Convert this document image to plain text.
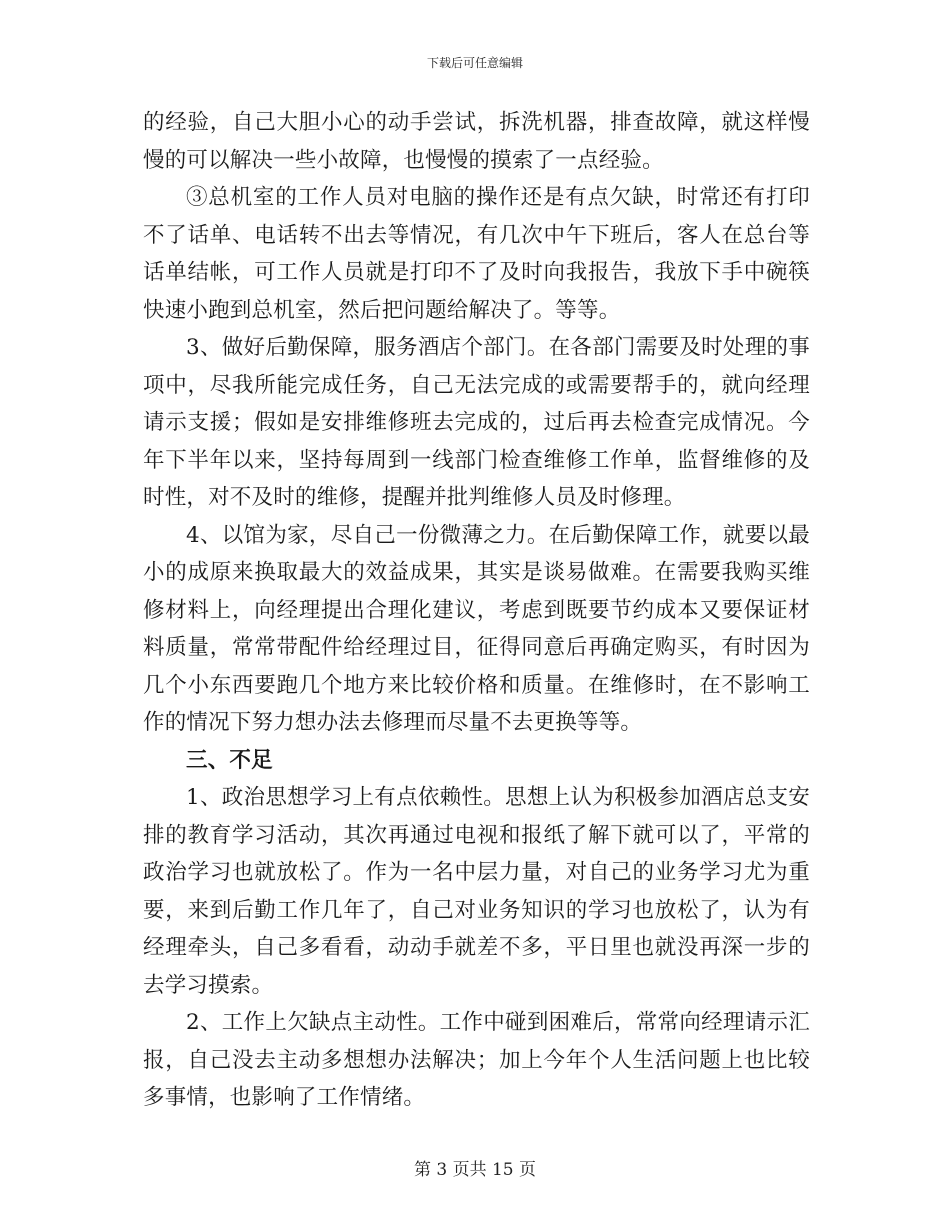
下载后可任意编辑

的经验，自己大胆小心的动手尝试，拆洗机器，排查故障，就这样慢慢的可以解决一些小故障，也慢慢的摸索了一点经验。

③总机室的工作人员对电脑的操作还是有点欠缺，时常还有打印不了话单、电话转不出去等情况，有几次中午下班后，客人在总台等话单结帐，可工作人员就是打印不了及时向我报告，我放下手中碗筷快速小跑到总机室，然后把问题给解决了。等等。

3、做好后勤保障，服务酒店个部门。在各部门需要及时处理的事项中，尽我所能完成任务，自己无法完成的或需要帮手的，就向经理请示支援；假如是安排维修班去完成的，过后再去检查完成情况。今年下半年以来，坚持每周到一线部门检查维修工作单，监督维修的及时性，对不及时的维修，提醒并批判维修人员及时修理。

4、以馆为家，尽自己一份微薄之力。在后勤保障工作，就要以最小的成原来换取最大的效益成果，其实是谈易做难。在需要我购买维修材料上，向经理提出合理化建议，考虑到既要节约成本又要保证材料质量，常常带配件给经理过目，征得同意后再确定购买，有时因为几个小东西要跑几个地方来比较价格和质量。在维修时，在不影响工作的情况下努力想办法去修理而尽量不去更换等等。

三、不足

1、政治思想学习上有点依赖性。思想上认为积极参加酒店总支安排的教育学习活动，其次再通过电视和报纸了解下就可以了，平常的政治学习也就放松了。作为一名中层力量，对自己的业务学习尤为重要，来到后勤工作几年了，自己对业务知识的学习也放松了，认为有经理牵头，自己多看看，动动手就差不多，平日里也就没再深一步的去学习摸索。

2、工作上欠缺点主动性。工作中碰到困难后，常常向经理请示汇报，自己没去主动多想想办法解决；加上今年个人生活问题上也比较多事情，也影响了工作情绪。

第 3 页共 15 页
